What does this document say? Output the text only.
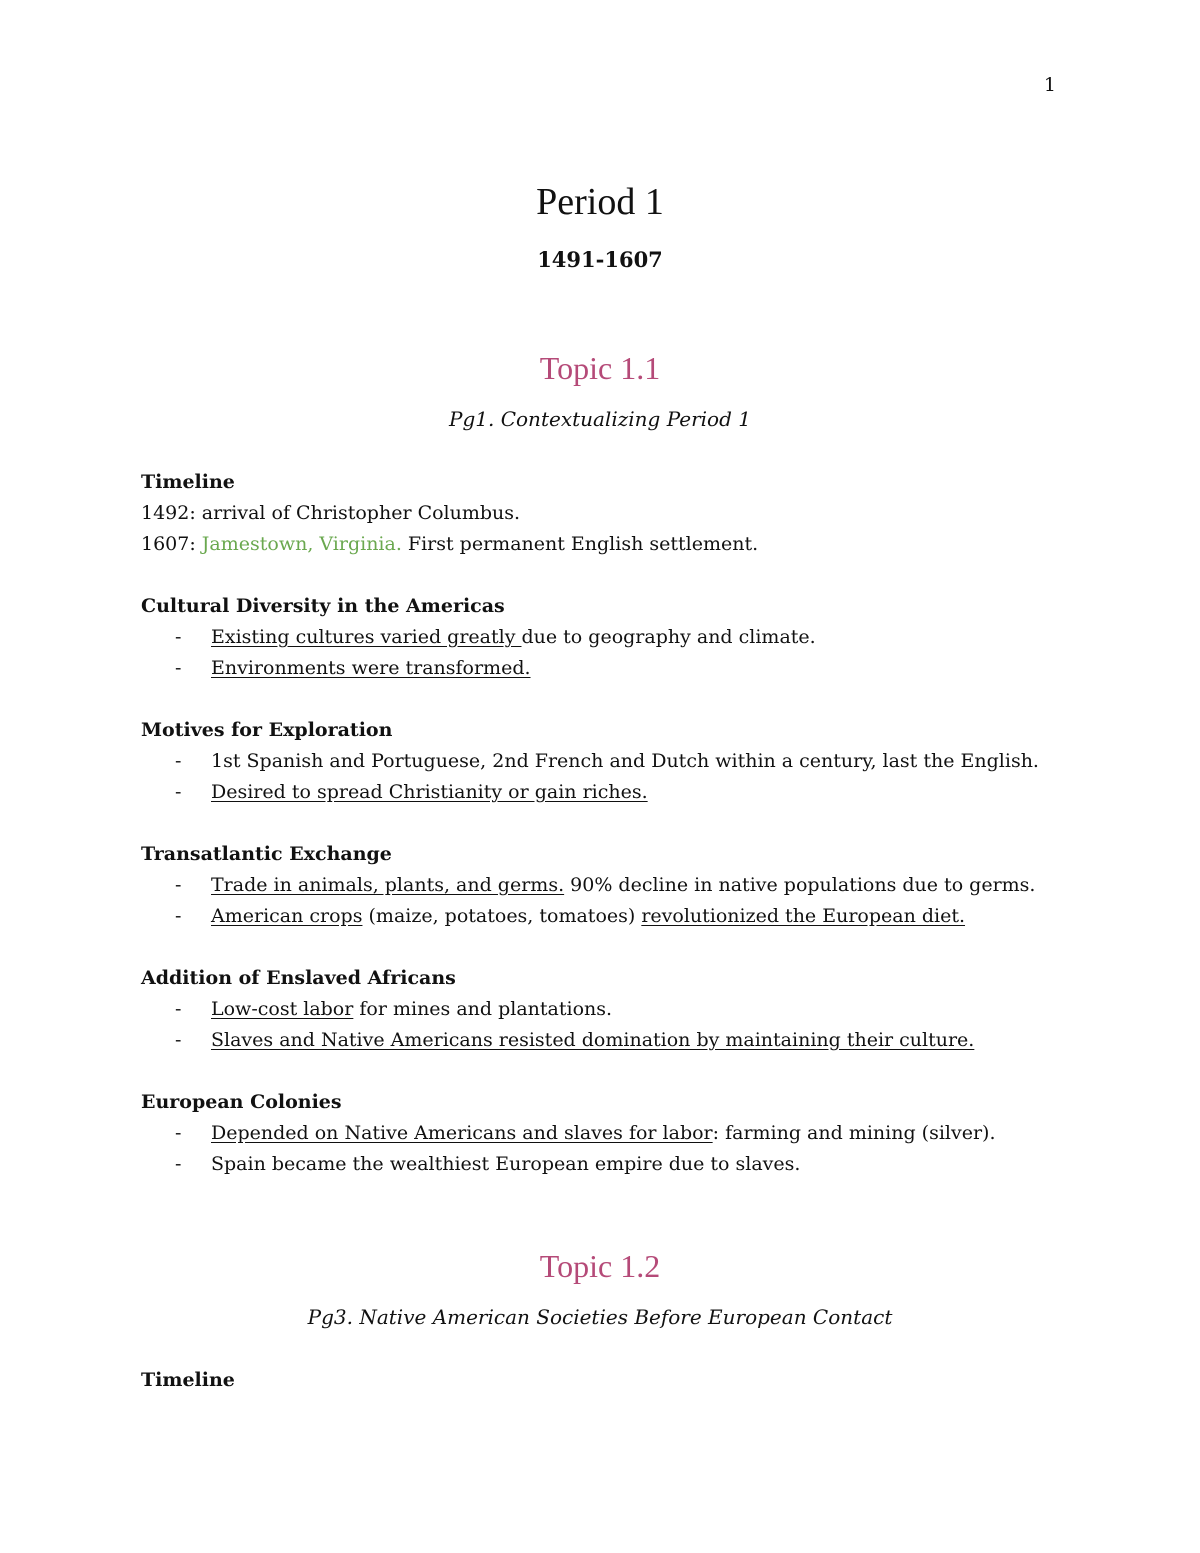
1
Period 1
1491-1607
Topic 1.1
Pg1. Contextualizing Period 1
Timeline
1492: arrival of Christopher Columbus.
1607: Jamestown, Virginia. First permanent English settlement.
Cultural Diversity in the Americas
- Existing cultures varied greatly due to geography and climate.
- Environments were transformed.
Motives for Exploration
- 1st Spanish and Portuguese, 2nd French and Dutch within a century, last the English.
- Desired to spread Christianity or gain riches.
Transatlantic Exchange
- Trade in animals, plants, and germs. 90% decline in native populations due to germs.
- American crops (maize, potatoes, tomatoes) revolutionized the European diet.
Addition of Enslaved Africans
- Low-cost labor for mines and plantations.
- Slaves and Native Americans resisted domination by maintaining their culture.
European Colonies
- Depended on Native Americans and slaves for labor: farming and mining (silver).
- Spain became the wealthiest European empire due to slaves.
Topic 1.2
Pg3. Native American Societies Before European Contact
Timeline
